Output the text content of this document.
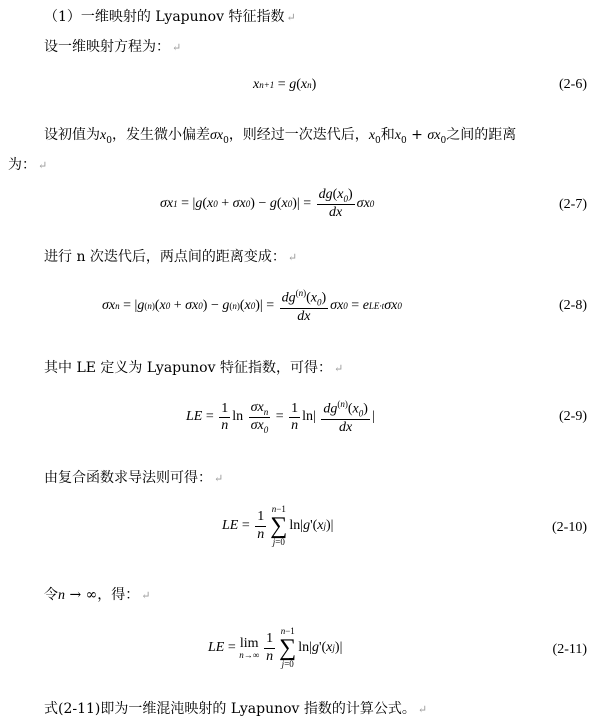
（1）一维映射的 Lyapunov 特征指数 ↵
设一维映射方程为： ↵
x n+1
= g ( x n )	(2-6)
设初值为$x_0$，发生微小偏差$\sigma x_0$，则经过一次迭代后，$x_0$和$x_0 + \sigma x_0$之间的距离
为： ↵
σx 1
=
| g ( x 0
+ σx 0 )
− g ( x 0 )|
=
$\frac{dg(x_0)}{dx}$ σx 0	(2-7)
进行 n 次迭代后，两点间的距离变成： ↵
σx n
=
| g (n) ( x 0
+ σx 0 )
− g (n) ( x 0 )|
=
$\frac{dg^{(n)}(x_0)}{dx}$ σx 0
= e LE·t σx 0	(2-8)
其中 LE 定义为 Lyapunov 特征指数，可得： ↵
LE =
$\frac{1}{n}$ ln
$\frac{\sigma x_n}{\sigma x_0}$
=
$\frac{1}{n} \ln|$
$\frac{dg^{(n)}(x_0)}{dx}$ |	(2-9)
由复合函数求导法则可得： ↵
LE =
$\frac{1}{n}$
n−1
∑
j=0
ln| g '( x j )|	(2-10)
令n → ∞，得： ↵
LE =
lim
$n\to\infty \frac{1}{n}$
n−1
∑
j=0
ln| g '( x j )|	(2-11)
式(2-11)即为一维混沌映射的 Lyapunov 指数的计算公式。 ↵
